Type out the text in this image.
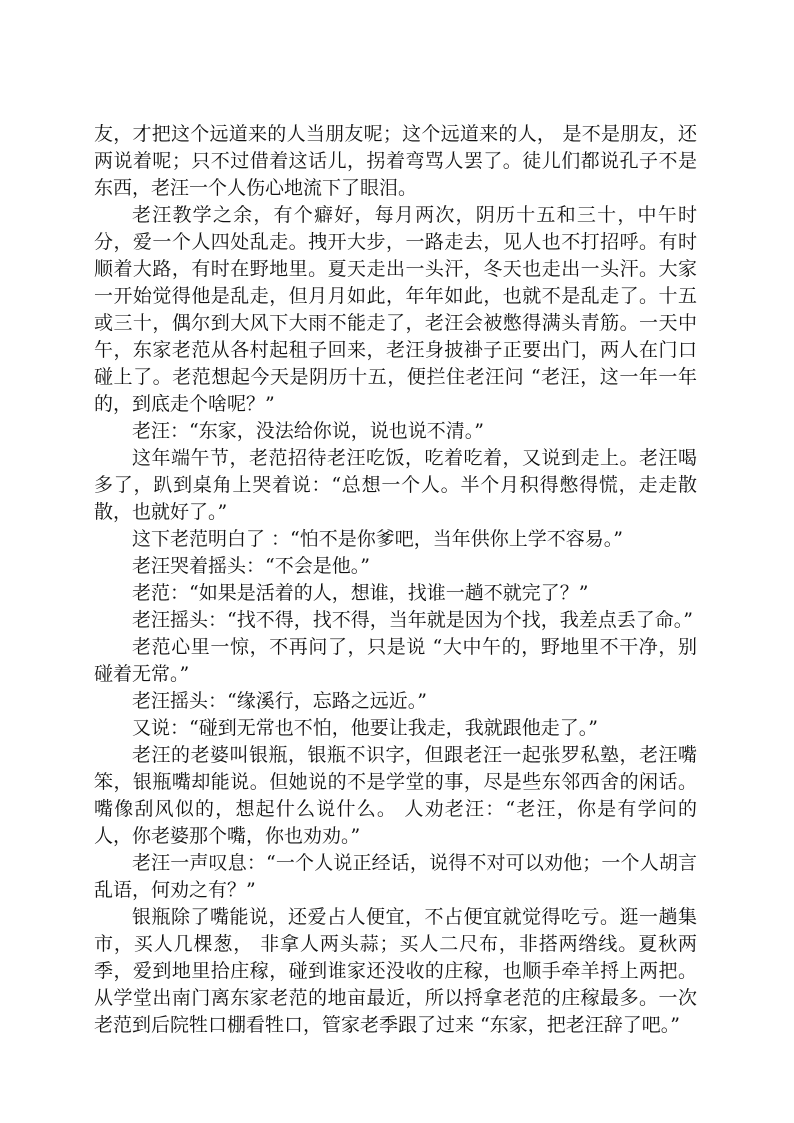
友，才把这个远道来的人当朋友呢；这个远道来的人， 是不是朋友，还两说着呢；只不过借着这话儿，拐着弯骂人罢了。徒儿们都说孔子不是东西，老汪一个人伤心地流下了眼泪。

老汪教学之余，有个癖好，每月两次，阴历十五和三十，中午时分，爱一个人四处乱走。拽开大步，一路走去，见人也不打招呼。有时顺着大路，有时在野地里。夏天走出一头汗，冬天也走出一头汗。大家一开始觉得他是乱走，但月月如此，年年如此，也就不是乱走了。十五或三十，偶尔到大风下大雨不能走了，老汪会被憋得满头青筋。一天中午，东家老范从各村起租子回来，老汪身披褂子正要出门，两人在门口碰上了。老范想起今天是阴历十五，便拦住老汪问 “老汪，这一年一年的，到底走个啥呢？”

老汪：“东家，没法给你说，说也说不清。”

这年端午节，老范招待老汪吃饭，吃着吃着，又说到走上。老汪喝多了，趴到桌角上哭着说：“总想一个人。半个月积得憋得慌，走走散散，也就好了。”

这下老范明白了 ：“怕不是你爹吧，当年供你上学不容易。”

老汪哭着摇头：“不会是他。”

老范：“如果是活着的人，想谁，找谁一趟不就完了？”

老汪摇头：“找不得，找不得，当年就是因为个找，我差点丢了命。”

老范心里一惊，不再问了，只是说 “大中午的，野地里不干净，别碰着无常。”

老汪摇头：“缘溪行，忘路之远近。”

又说：“碰到无常也不怕，他要让我走，我就跟他走了。”

老汪的老婆叫银瓶，银瓶不识字，但跟老汪一起张罗私塾，老汪嘴笨，银瓶嘴却能说。但她说的不是学堂的事，尽是些东邻西舍的闲话。嘴像刮风似的，想起什么说什么。 人劝老汪：“老汪，你是有学问的人，你老婆那个嘴，你也劝劝。”

老汪一声叹息：“一个人说正经话，说得不对可以劝他；一个人胡言乱语，何劝之有？”

银瓶除了嘴能说，还爱占人便宜，不占便宜就觉得吃亏。逛一趟集市，买人几棵葱， 非拿人两头蒜；买人二尺布，非搭两绺线。夏秋两季，爱到地里拾庄稼，碰到谁家还没收的庄稼，也顺手牵羊捋上两把。从学堂出南门离东家老范的地亩最近，所以捋拿老范的庄稼最多。一次老范到后院牲口棚看牲口，管家老季跟了过来 “东家，把老汪辞了吧。”
